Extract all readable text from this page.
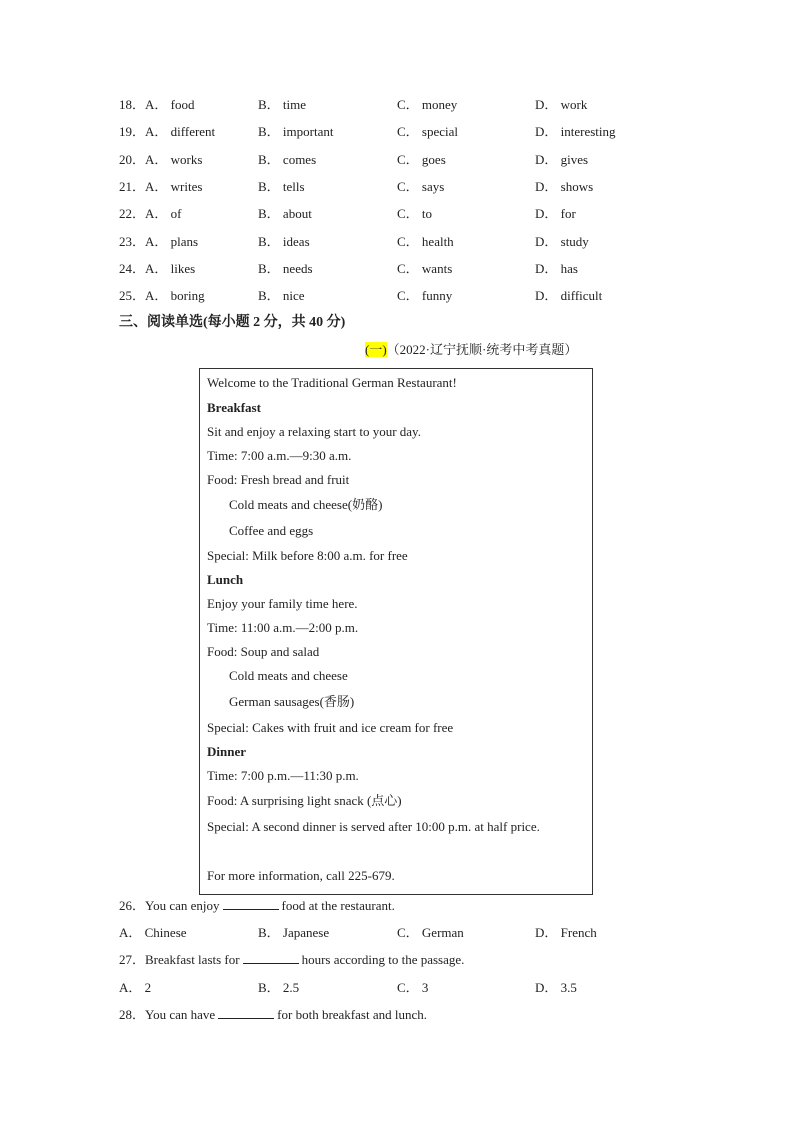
18．A． food	B． time	C． money	D． work
19．A． different	B． important	C． special	D． interesting
20．A． works	B． comes	C． goes	D． gives
21．A． writes	B． tells	C． says	D． shows
22．A． of	B． about	C． to	D． for
23．A． plans	B． ideas	C． health	D． study
24．A． likes	B． needs	C． wants	D． has
25．A． boring	B． nice	C． funny	D． difficult
三、阅读单选(每小题 2 分，共 40 分)
(一)（2022·辽宁抚顺·统考中考真题）
Welcome to the Traditional German Restaurant!
Breakfast
Sit and enjoy a relaxing start to your day.
Time: 7:00 a.m.—9:30 a.m.
Food: Fresh bread and fruit
Cold meats and cheese(奶酪)
Coffee and eggs
Special: Milk before 8:00 a.m. for free
Lunch
Enjoy your family time here.
Time: 11:00 a.m.—2:00 p.m.
Food: Soup and salad
Cold meats and cheese
German sausages(香肠)
Special: Cakes with fruit and ice cream for free
Dinner
Time: 7:00 p.m.—11:30 p.m.
Food: A surprising light snack (点心)
Special: A second dinner is served after 10:00 p.m. at half price.
For more information, call 225-679.
26．You can enjoy	food at the restaurant.
A． Chinese	B． Japanese	C． German	D． French
27．Breakfast lasts for	hours according to the passage.
A． 2	B． 2.5	C． 3	D． 3.5
28．You can have	for both breakfast and lunch.
